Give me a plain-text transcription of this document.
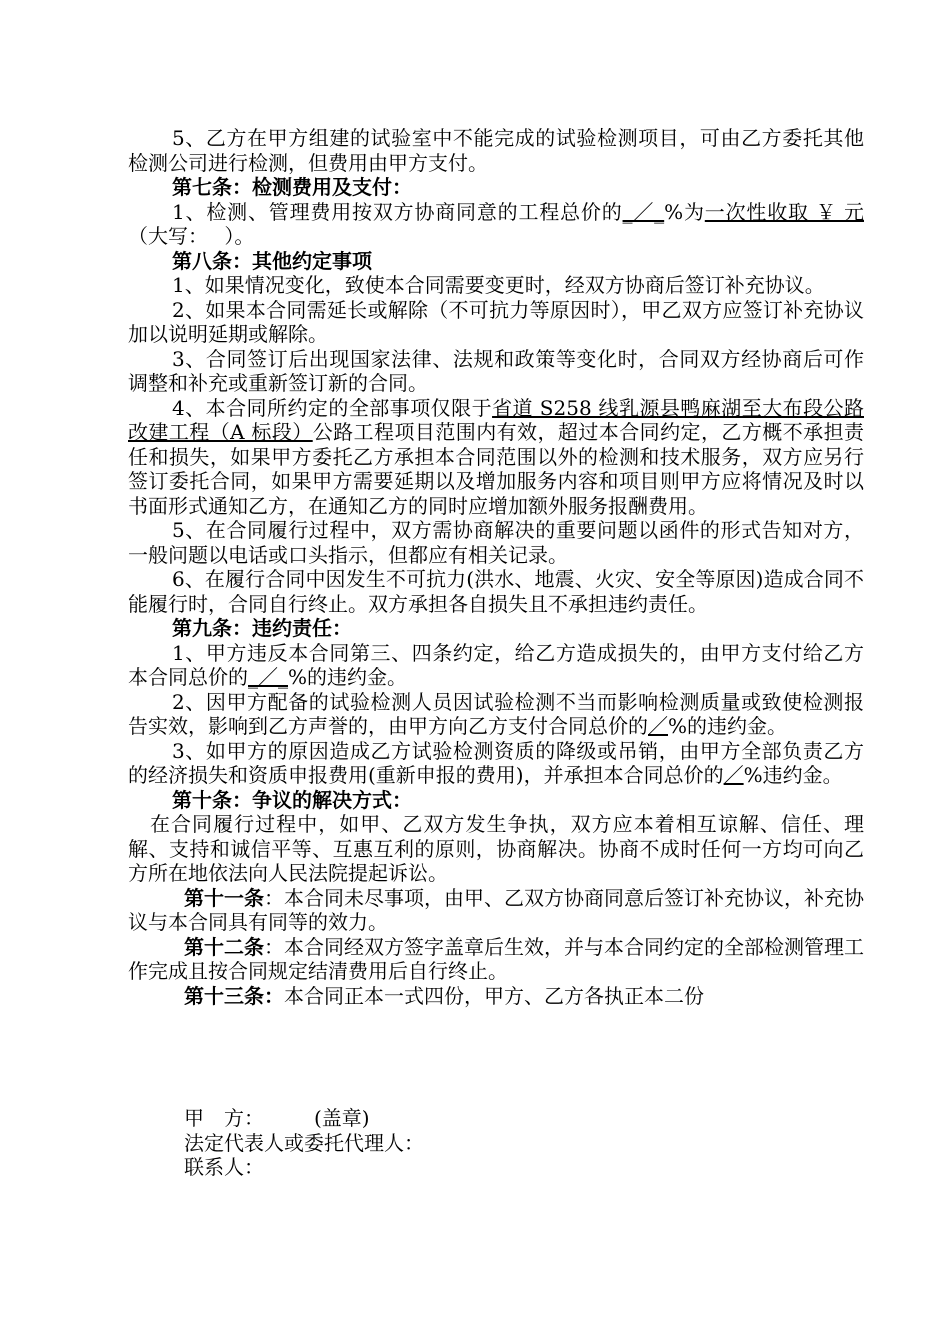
5、乙方在甲方组建的试验室中不能完成的试验检测项目，可由乙方委托其他检测公司进行检测，但费用由甲方支付。

第七条：检测费用及支付：

1、检测、管理费用按双方协商同意的工程总价的_／_%为一次性收取 ￥ 元（大写：　 ）。

第八条：其他约定事项

1、如果情况变化，致使本合同需要变更时，经双方协商后签订补充协议。

2、如果本合同需延长或解除（不可抗力等原因时），甲乙双方应签订补充协议加以说明延期或解除。

3、合同签订后出现国家法律、法规和政策等变化时，合同双方经协商后可作调整和补充或重新签订新的合同。

4、本合同所约定的全部事项仅限于省道 S258 线乳源县鸭麻湖至大布段公路改建工程（A 标段）公路工程项目范围内有效，超过本合同约定，乙方概不承担责任和损失，如果甲方委托乙方承担本合同范围以外的检测和技术服务，双方应另行签订委托合同，如果甲方需要延期以及增加服务内容和项目则甲方应将情况及时以书面形式通知乙方，在通知乙方的同时应增加额外服务报酬费用。

5、在合同履行过程中，双方需协商解决的重要问题以函件的形式告知对方，一般问题以电话或口头指示，但都应有相关记录。

6、在履行合同中因发生不可抗力(洪水、地震、火灾、安全等原因)造成合同不能履行时，合同自行终止。双方承担各自损失且不承担违约责任。

第九条：违约责任：

1、甲方违反本合同第三、四条约定，给乙方造成损失的，由甲方支付给乙方本合同总价的_／_%的违约金。

2、因甲方配备的试验检测人员因试验检测不当而影响检测质量或致使检测报告实效，影响到乙方声誉的，由甲方向乙方支付合同总价的／%的违约金。

3、如甲方的原因造成乙方试验检测资质的降级或吊销，由甲方全部负责乙方的经济损失和资质申报费用(重新申报的费用)，并承担本合同总价的／%违约金。

第十条：争议的解决方式：

在合同履行过程中，如甲、乙双方发生争执，双方应本着相互谅解、信任、理解、支持和诚信平等、互惠互利的原则，协商解决。协商不成时任何一方均可向乙方所在地依法向人民法院提起诉讼。

第十一条：本合同未尽事项，由甲、乙双方协商同意后签订补充协议，补充协议与本合同具有同等的效力。

第十二条：本合同经双方签字盖章后生效，并与本合同约定的全部检测管理工作完成且按合同规定结清费用后自行终止。

第十三条：本合同正本一式四份，甲方、乙方各执正本二份

甲　方：　　　(盖章)

法定代表人或委托代理人：

联系人：
